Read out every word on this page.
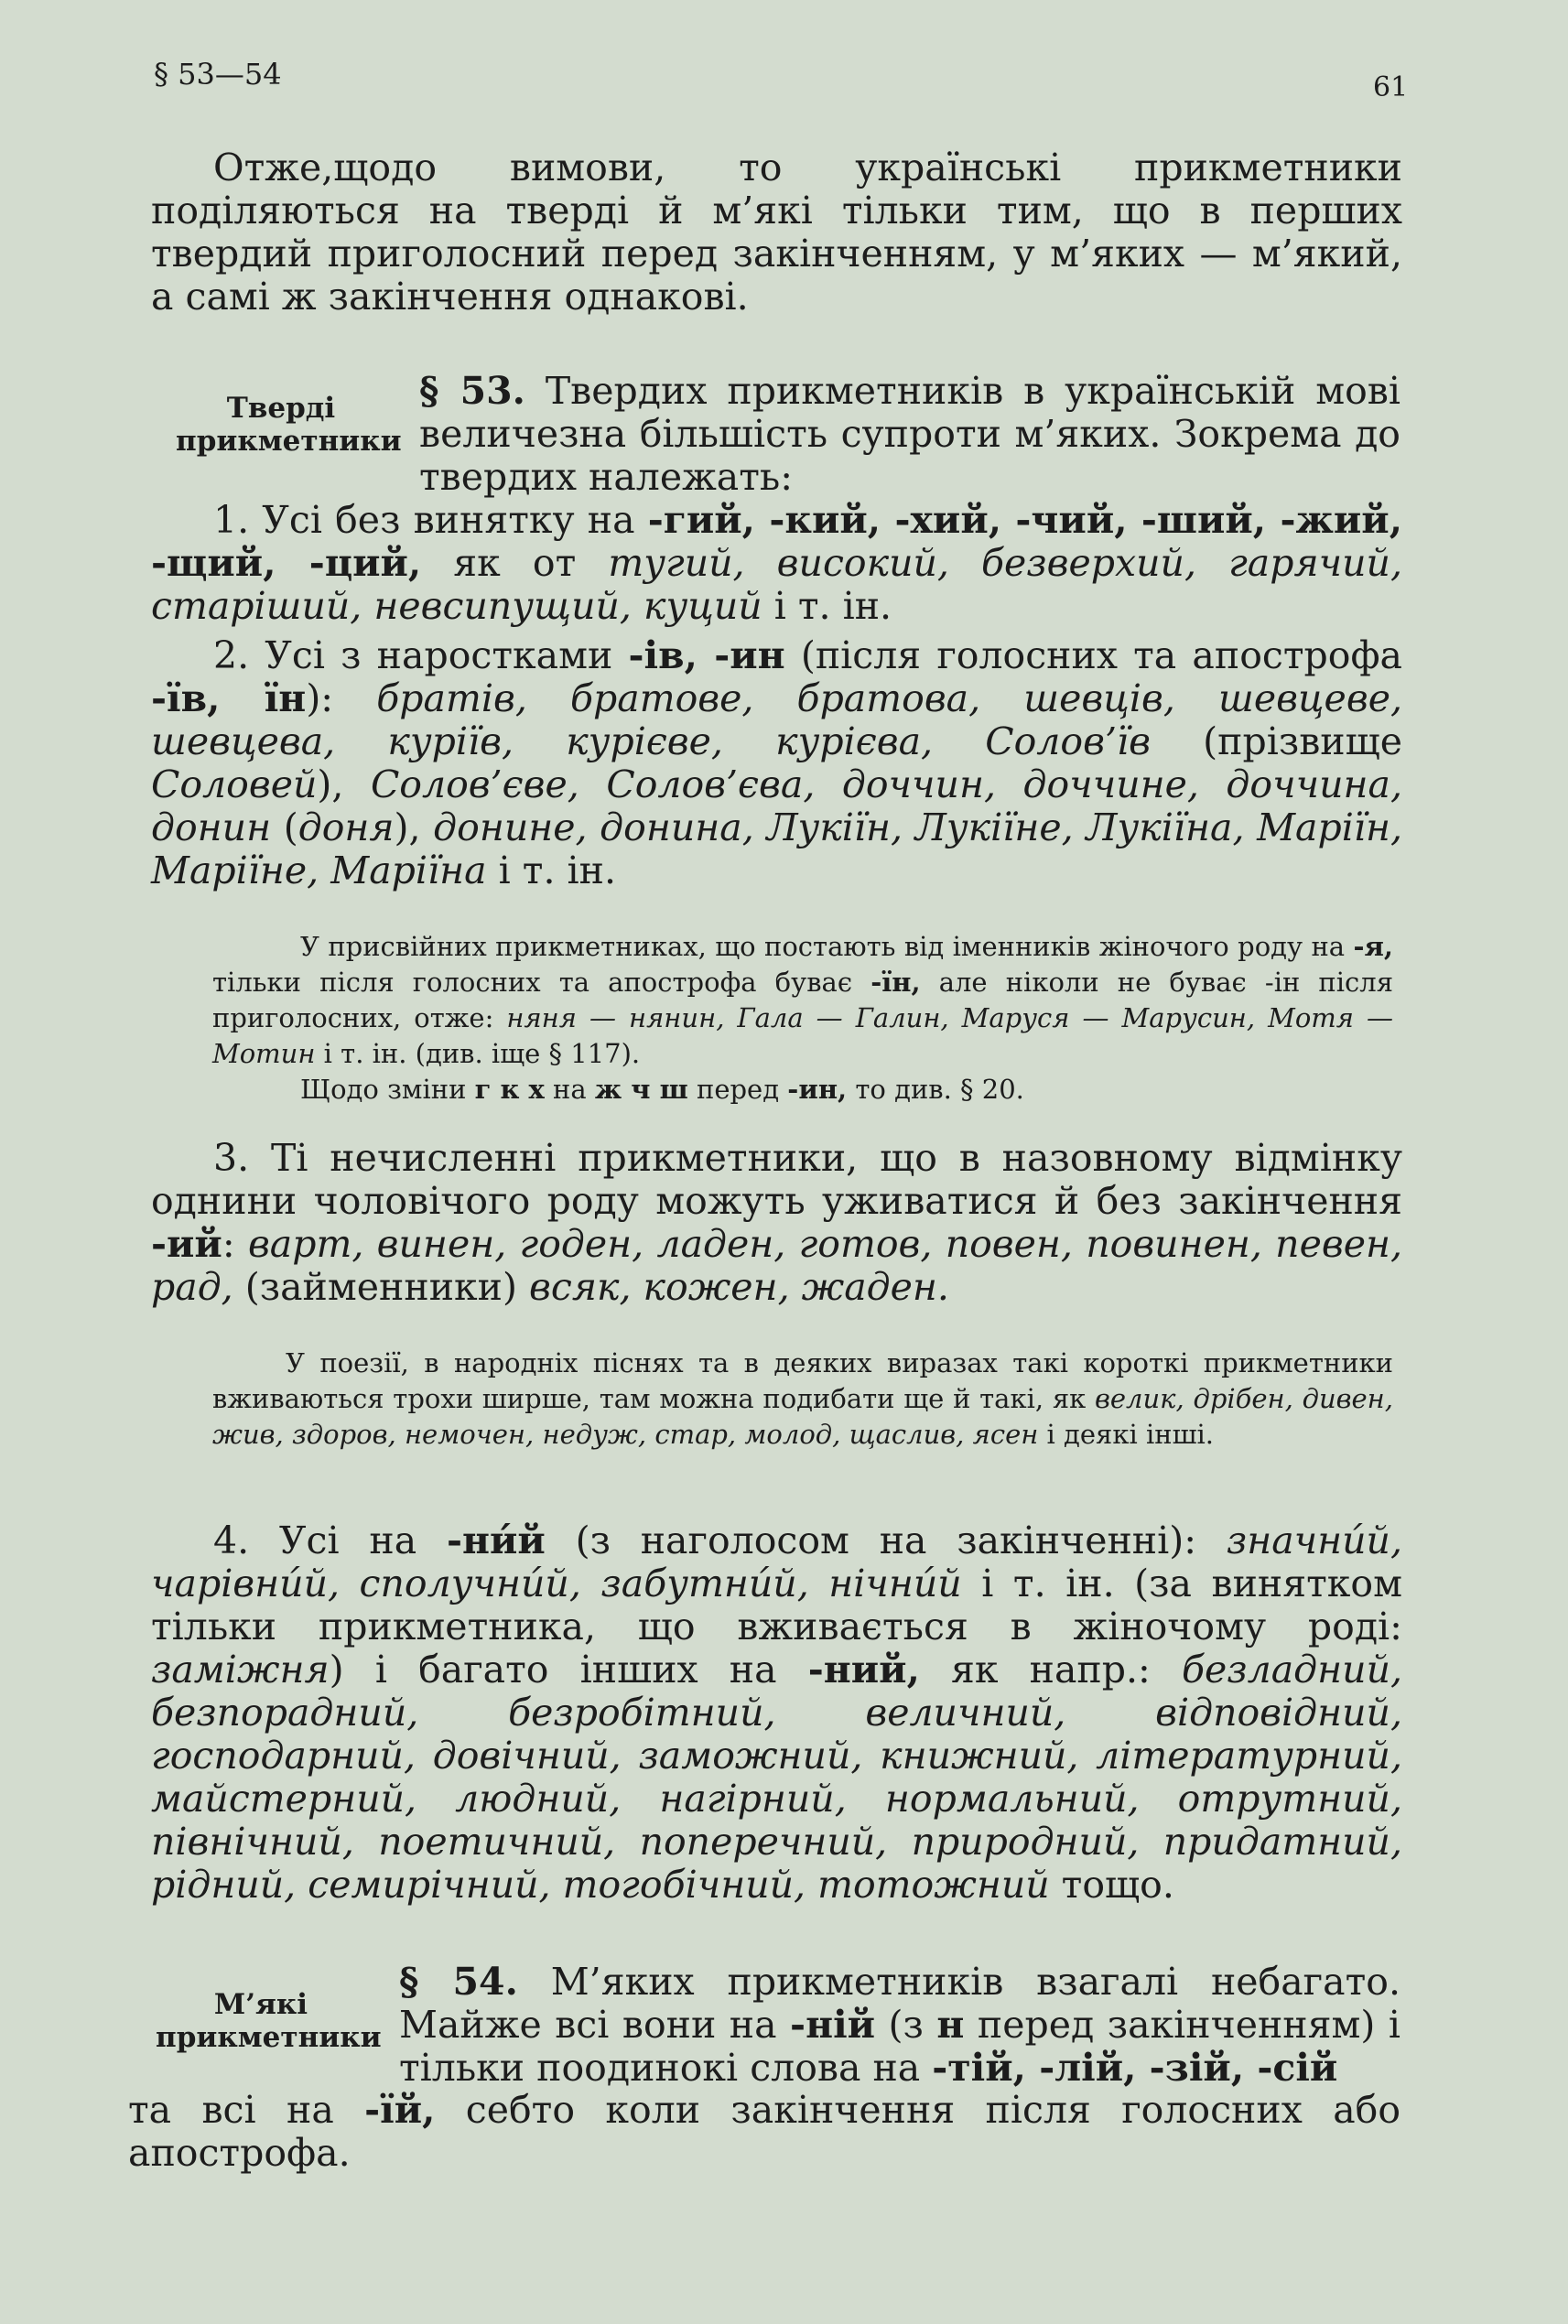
§ 53—54	61

Отже,щодо вимови, то українські прикметники поділяються на тверді й м’які тільки тим, що в перших твердий приголосний перед закінченням, у м’яких — м’який, а самі ж закінчення однакові.

Тверді прикметники

§ 53. Твердих прикметників в українській мові величезна більшість супроти м’яких. Зокрема до твердих належать:

1. Усі без винятку на -гий, -кий, -хий, -чий, -ший, -жий, -щий, -ций, як от тугий, високий, безверхий, гарячий, старіший, невсипущий, куций і т. ін.

2. Усі з наростками -ів, -ин (після голосних та апострофа -їв, їн): братів, братове, братова, шевців, шевцеве, шевцева, куріїв, курієве, курієва, Солов’їв (прізвище Соловей), Солов’єве, Солов’єва, доччин, доччине, доччина, донин (доня), донине, донина, Лукіїн, Лукіїне, Лукіїна, Маріїн, Маріїне, Маріїна і т. ін.

У присвійних прикметниках, що постають від іменників жіночого роду на -я, тільки після голосних та апострофа буває -їн, але ніколи не буває -ін після приголосних, отже: няня — нянин, Гала — Галин, Маруся — Марусин, Мотя — Мотин і т. ін. (див. іще § 117).

Щодо зміни г к х на ж ч ш перед -ин, то див. § 20.

3. Ті нечисленні прикметники, що в назовному відмінку однини чоловічого роду можуть уживатися й без закінчення -ий: варт, винен, годен, ладен, готов, повен, повинен, певен, рад, (займенники) всяк, кожен, жаден.

У поезії, в народніх піснях та в деяких виразах такі короткі прикметники вживаються трохи ширше, там можна подибати ще й такі, як велик, дрібен, дивен, жив, здоров, немочен, недуж, стар, молод, щаслив, ясен і деякі інші.

4. Усі на -ни́й (з наголосом на закінченні): значни́й, чарівни́й, сполучни́й, забутни́й, нічни́й і т. ін. (за винятком тільки прикметника, що вживається в жіночому роді: заміжня) і багато інших на -ний, як напр.: безладний, безпорадний, безробітний, величний, відповідний, господарний, довічний, заможний, книжний, літературний, майстерний, людний, нагірний, нормальний, отрутний, північний, поетичний, поперечний, природний, придатний, рідний, семирічний, тогобічний, тотожний тощо.

М’які прикметники

§ 54. М’яких прикметників взагалі небагато. Майже всі вони на -ній (з н перед закінченням) і тільки поодинокі слова на -тій, -лій, -зій, -сій

та всі на -їй, себто коли закінчення після голосних або апострофа.
